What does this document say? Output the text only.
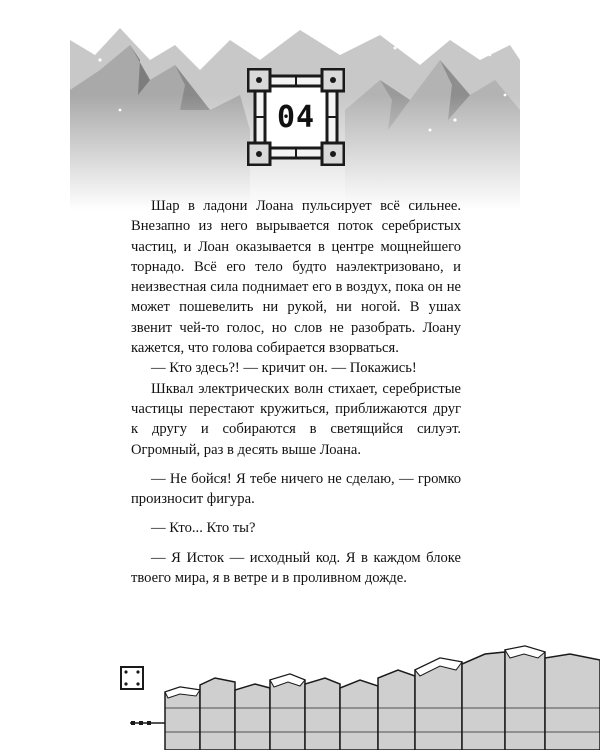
04

Шар в ладони Лоана пульсирует всё сильнее. Внезапно из него вырывается поток серебристых частиц, и Лоан оказывается в центре мощнейшего торнадо. Всё его тело будто наэлектризовано, и неизвестная сила поднимает его в воздух, пока он не может пошевелить ни рукой, ни ногой. В ушах звенит чей-то голос, но слов не разобрать. Лоану кажется, что голова собирается взорваться.

— Кто здесь?! — кричит он. — Покажись!

Шквал электрических волн стихает, серебристые частицы перестают кружиться, приближаются друг к другу и собираются в светящийся силуэт. Огромный, раз в десять выше Лоана.

— Не бойся! Я тебе ничего не сделаю, — громко произносит фигура.

— Кто... Кто ты?

— Я Исток — исходный код. Я в каждом блоке твоего мира, я в ветре и в проливном дожде.
